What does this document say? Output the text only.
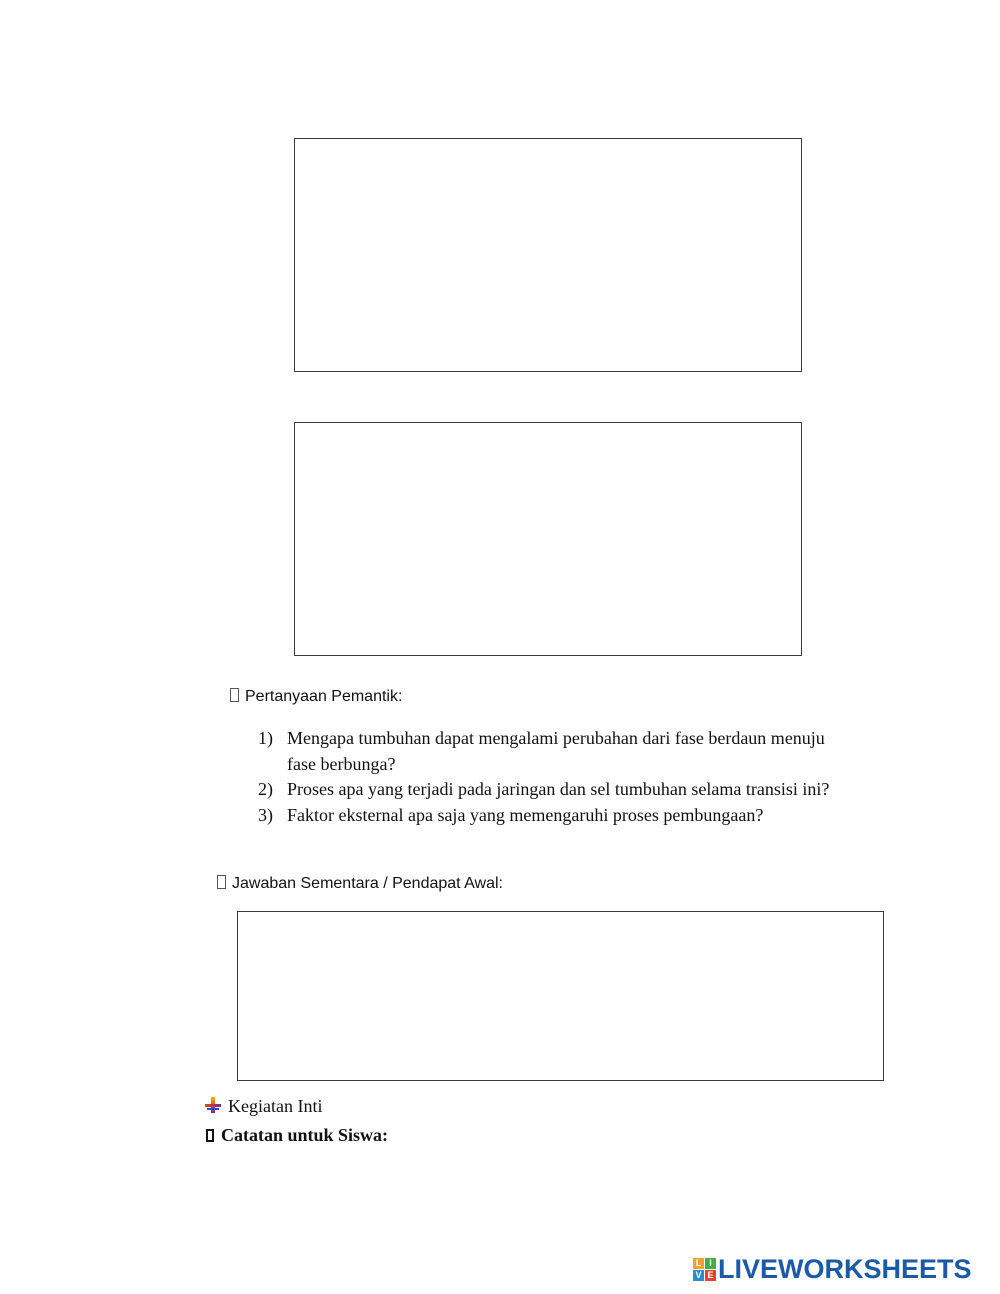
Pertanyaan Pemantik:
1) Mengapa tumbuhan dapat mengalami perubahan dari fase berdaun menuju fase berbunga?
2) Proses apa yang terjadi pada jaringan dan sel tumbuhan selama transisi ini?
3) Faktor eksternal apa saja yang memengaruhi proses pembungaan?
Jawaban Sementara / Pendapat Awal:
Kegiatan Inti
Catatan untuk Siswa:
L I
V E LIVEWORKSHEETS
